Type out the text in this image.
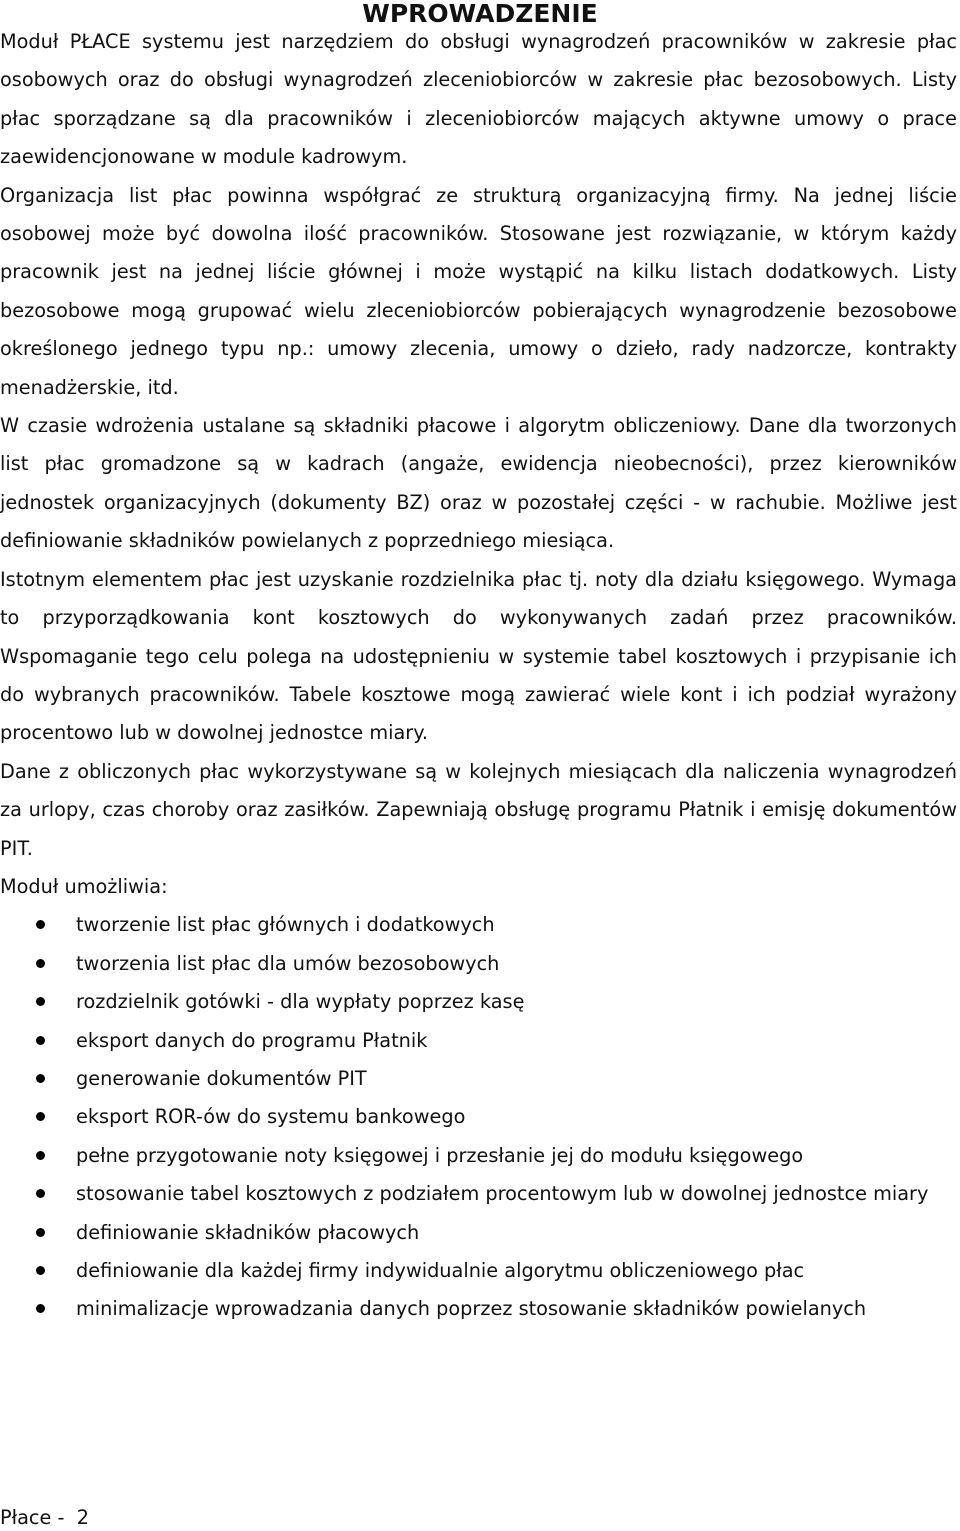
WPROWADZENIE

Moduł PŁACE systemu jest narzędziem do obsługi wynagrodzeń pracowników w zakresie płac osobowych oraz do obsługi wynagrodzeń zleceniobiorców w zakresie płac bezosobowych. Listy płac sporządzane są dla pracowników i zleceniobiorców mających aktywne umowy o prace zaewidencjonowane w module kadrowym.

Organizacja list płac powinna współgrać ze strukturą organizacyjną firmy. Na jednej liście osobowej może być dowolna ilość pracowników. Stosowane jest rozwiązanie, w którym każdy pracownik jest na jednej liście głównej i może wystąpić na kilku listach dodatkowych. Listy bezosobowe mogą grupować wielu zleceniobiorców pobierających wynagrodzenie bezosobowe określonego jednego typu np.: umowy zlecenia, umowy o dzieło, rady nadzorcze, kontrakty menadżerskie, itd.

W czasie wdrożenia ustalane są składniki płacowe i algorytm obliczeniowy. Dane dla tworzonych list płac gromadzone są w kadrach (angaże, ewidencja nieobecności), przez kierowników jednostek organizacyjnych (dokumenty BZ) oraz w pozostałej części - w rachubie. Możliwe jest definiowanie składników powielanych z poprzedniego miesiąca.

Istotnym elementem płac jest uzyskanie rozdzielnika płac tj. noty dla działu księgowego. Wymaga to przyporządkowania kont kosztowych do wykonywanych zadań przez pracowników. Wspomaganie tego celu polega na udostępnieniu w systemie tabel kosztowych i przypisanie ich do wybranych pracowników. Tabele kosztowe mogą zawierać wiele kont i ich podział wyrażony procentowo lub w dowolnej jednostce miary.

Dane z obliczonych płac wykorzystywane są w kolejnych miesiącach dla naliczenia wynagrodzeń za urlopy, czas choroby oraz zasiłków. Zapewniają obsługę programu Płatnik i emisję dokumentów PIT.

Moduł umożliwia:

tworzenie list płac głównych i dodatkowych
tworzenia list płac dla umów bezosobowych
rozdzielnik gotówki - dla wypłaty poprzez kasę
eksport danych do programu Płatnik
generowanie dokumentów PIT
eksport ROR-ów do systemu bankowego
pełne przygotowanie noty księgowej i przesłanie jej do modułu księgowego
stosowanie tabel kosztowych z podziałem procentowym lub w dowolnej jednostce miary
definiowanie składników płacowych
definiowanie dla każdej firmy indywidualnie algorytmu obliczeniowego płac
minimalizacje wprowadzania danych poprzez stosowanie składników powielanych
Płace -  2
